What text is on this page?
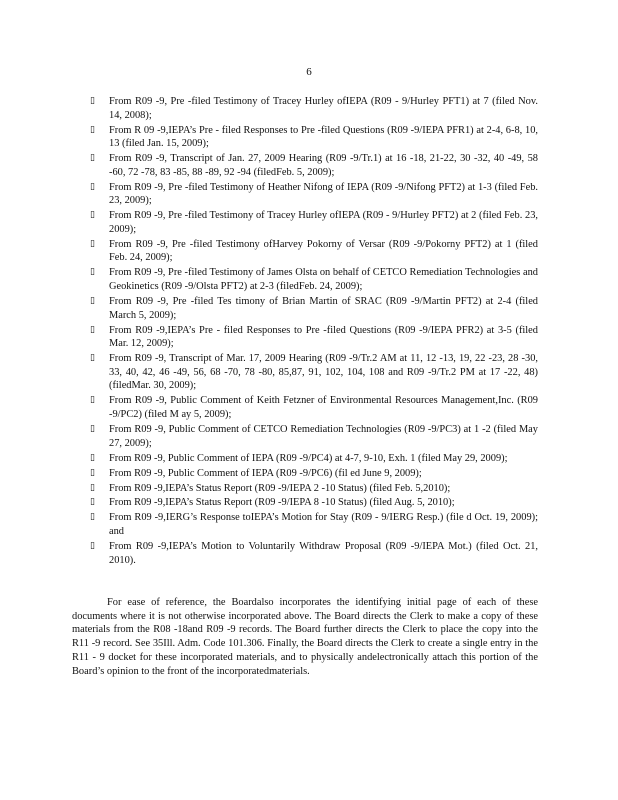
6
▯ From R09 -9, Pre -filed Testimony of Tracey Hurley ofIEPA (R09 - 9/Hurley PFT1) at 7 (filed Nov. 14, 2008);
▯ From R 09 -9,IEPA’s Pre - filed Responses to Pre -filed Questions (R09 -9/IEPA PFR1) at 2-4, 6-8, 10, 13 (filed Jan. 15, 2009);
▯ From R09 -9, Transcript of Jan. 27, 2009 Hearing (R09 -9/Tr.1) at 16 -18, 21-22, 30 -32, 40 -49, 58 -60, 72 -78, 83 -85, 88 -89, 92 -94 (filedFeb. 5, 2009);
▯ From R09 -9, Pre -filed Testimony of Heather Nifong of IEPA (R09 -9/Nifong PFT2) at 1-3 (filed Feb. 23, 2009);
▯ From R09 -9, Pre -filed Testimony of Tracey Hurley ofIEPA (R09 - 9/Hurley PFT2) at 2 (filed Feb. 23, 2009);
▯ From R09 -9, Pre -filed Testimony ofHarvey Pokorny of Versar (R09 -9/Pokorny PFT2) at 1 (filed Feb. 24, 2009);
▯ From R09 -9, Pre -filed Testimony of James Olsta on behalf of CETCO Remediation Technologies and Geokinetics (R09 -9/Olsta PFT2) at 2-3 (filedFeb. 24, 2009);
▯ From R09 -9, Pre -filed Tes timony of Brian Martin of SRAC (R09 -9/Martin PFT2) at 2-4 (filed March 5, 2009);
▯ From R09 -9,IEPA’s Pre - filed Responses to Pre -filed Questions (R09 -9/IEPA PFR2) at 3-5 (filed Mar. 12, 2009);
▯ From R09 -9, Transcript of Mar. 17, 2009 Hearing (R09 -9/Tr.2 AM at 11, 12 -13, 19, 22 -23, 28 -30, 33, 40, 42, 46 -49, 56, 68 -70, 78 -80, 85,87, 91, 102, 104, 108 and R09 -9/Tr.2 PM at 17 -22, 48) (filedMar. 30, 2009);
▯ From R09 -9, Public Comment of Keith Fetzner of Environmental Resources Management,Inc. (R09 -9/PC2) (filed M ay 5, 2009);
▯ From R09 -9, Public Comment of CETCO Remediation Technologies (R09 -9/PC3) at 1 -2 (filed May 27, 2009);
▯ From R09 -9, Public Comment of IEPA (R09 -9/PC4) at 4-7, 9-10, Exh. 1 (filed May 29, 2009);
▯ From R09 -9, Public Comment of IEPA (R09 -9/PC6) (fil ed June 9, 2009);
▯ From R09 -9,IEPA’s Status Report (R09 -9/IEPA 2 -10 Status) (filed Feb. 5,2010);
▯ From R09 -9,IEPA’s Status Report (R09 -9/IEPA 8 -10 Status) (filed Aug. 5, 2010);
▯ From R09 -9,IERG’s Response toIEPA’s Motion for Stay (R09 - 9/IERG Resp.) (file d Oct. 19, 2009); and
▯ From R09 -9,IEPA’s Motion to Voluntarily Withdraw Proposal (R09 -9/IEPA Mot.) (filed Oct. 21, 2010).

For ease of reference, the Boardalso incorporates the identifying initial page of each of these documents where it is not otherwise incorporated above. The Board directs the Clerk to make a copy of these materials from the R08 -18and R09 -9 records. The Board further directs the Clerk to place the copy into the R11 -9 record. See 35Ill. Adm. Code 101.306. Finally, the Board directs the Clerk to create a single entry in the R11 - 9 docket for these incorporated materials, and to physically andelectronically attach this portion of the Board’s opinion to the front of the incorporatedmaterials.
